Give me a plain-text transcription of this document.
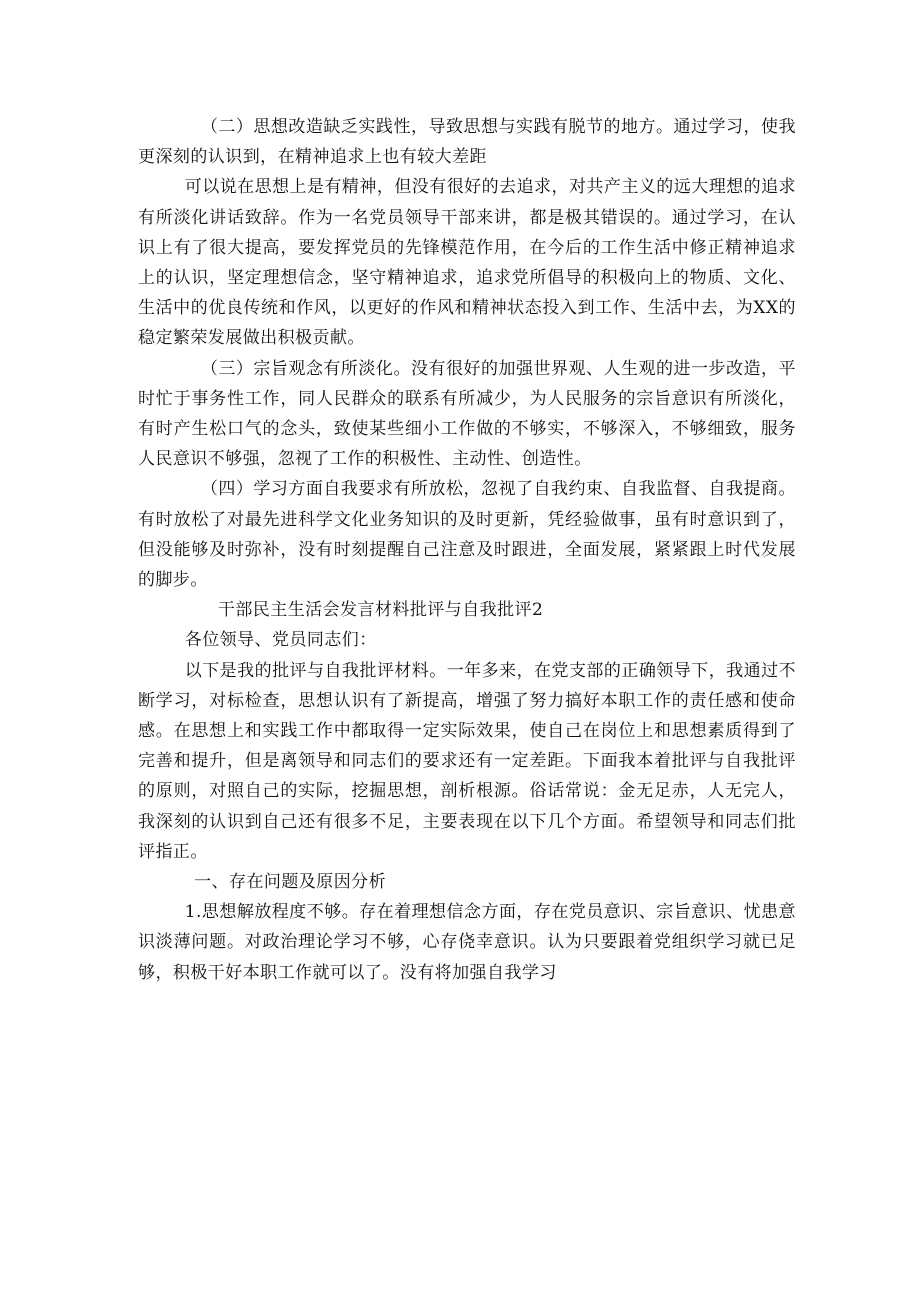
（二）思想改造缺乏实践性，导致思想与实践有脱节的地方。通过学习，使我更深刻的认识到，在精神追求上也有较大差距

可以说在思想上是有精神，但没有很好的去追求，对共产主义的远大理想的追求有所淡化讲话致辞。作为一名党员领导干部来讲，都是极其错误的。通过学习，在认识上有了很大提高，要发挥党员的先锋模范作用，在今后的工作生活中修正精神追求上的认识，坚定理想信念，坚守精神追求，追求党所倡导的积极向上的物质、文化、生活中的优良传统和作风，以更好的作风和精神状态投入到工作、生活中去，为XX的稳定繁荣发展做出积极贡献。

（三）宗旨观念有所淡化。没有很好的加强世界观、人生观的进一步改造，平时忙于事务性工作，同人民群众的联系有所减少，为人民服务的宗旨意识有所淡化，有时产生松口气的念头，致使某些细小工作做的不够实，不够深入，不够细致，服务人民意识不够强，忽视了工作的积极性、主动性、创造性。

（四）学习方面自我要求有所放松，忽视了自我约束、自我监督、自我提商。有时放松了对最先进科学文化业务知识的及时更新，凭经验做事，虽有时意识到了，但没能够及时弥补，没有时刻提醒自己注意及时跟进，全面发展，紧紧跟上时代发展的脚步。

干部民主生活会发言材料批评与自我批评2

各位领导、党员同志们：

以下是我的批评与自我批评材料。一年多来，在党支部的正确领导下，我通过不断学习，对标检查，思想认识有了新提高，增强了努力搞好本职工作的责任感和使命感。在思想上和实践工作中都取得一定实际效果，使自己在岗位上和思想素质得到了完善和提升，但是离领导和同志们的要求还有一定差距。下面我本着批评与自我批评的原则，对照自己的实际，挖掘思想，剖析根源。俗话常说：金无足赤，人无完人，我深刻的认识到自己还有很多不足，主要表现在以下几个方面。希望领导和同志们批评指正。

一、存在问题及原因分析

1.思想解放程度不够。存在着理想信念方面，存在党员意识、宗旨意识、忧患意识淡薄问题。对政治理论学习不够，心存侥幸意识。认为只要跟着党组织学习就已足够，积极干好本职工作就可以了。没有将加强自我学习
